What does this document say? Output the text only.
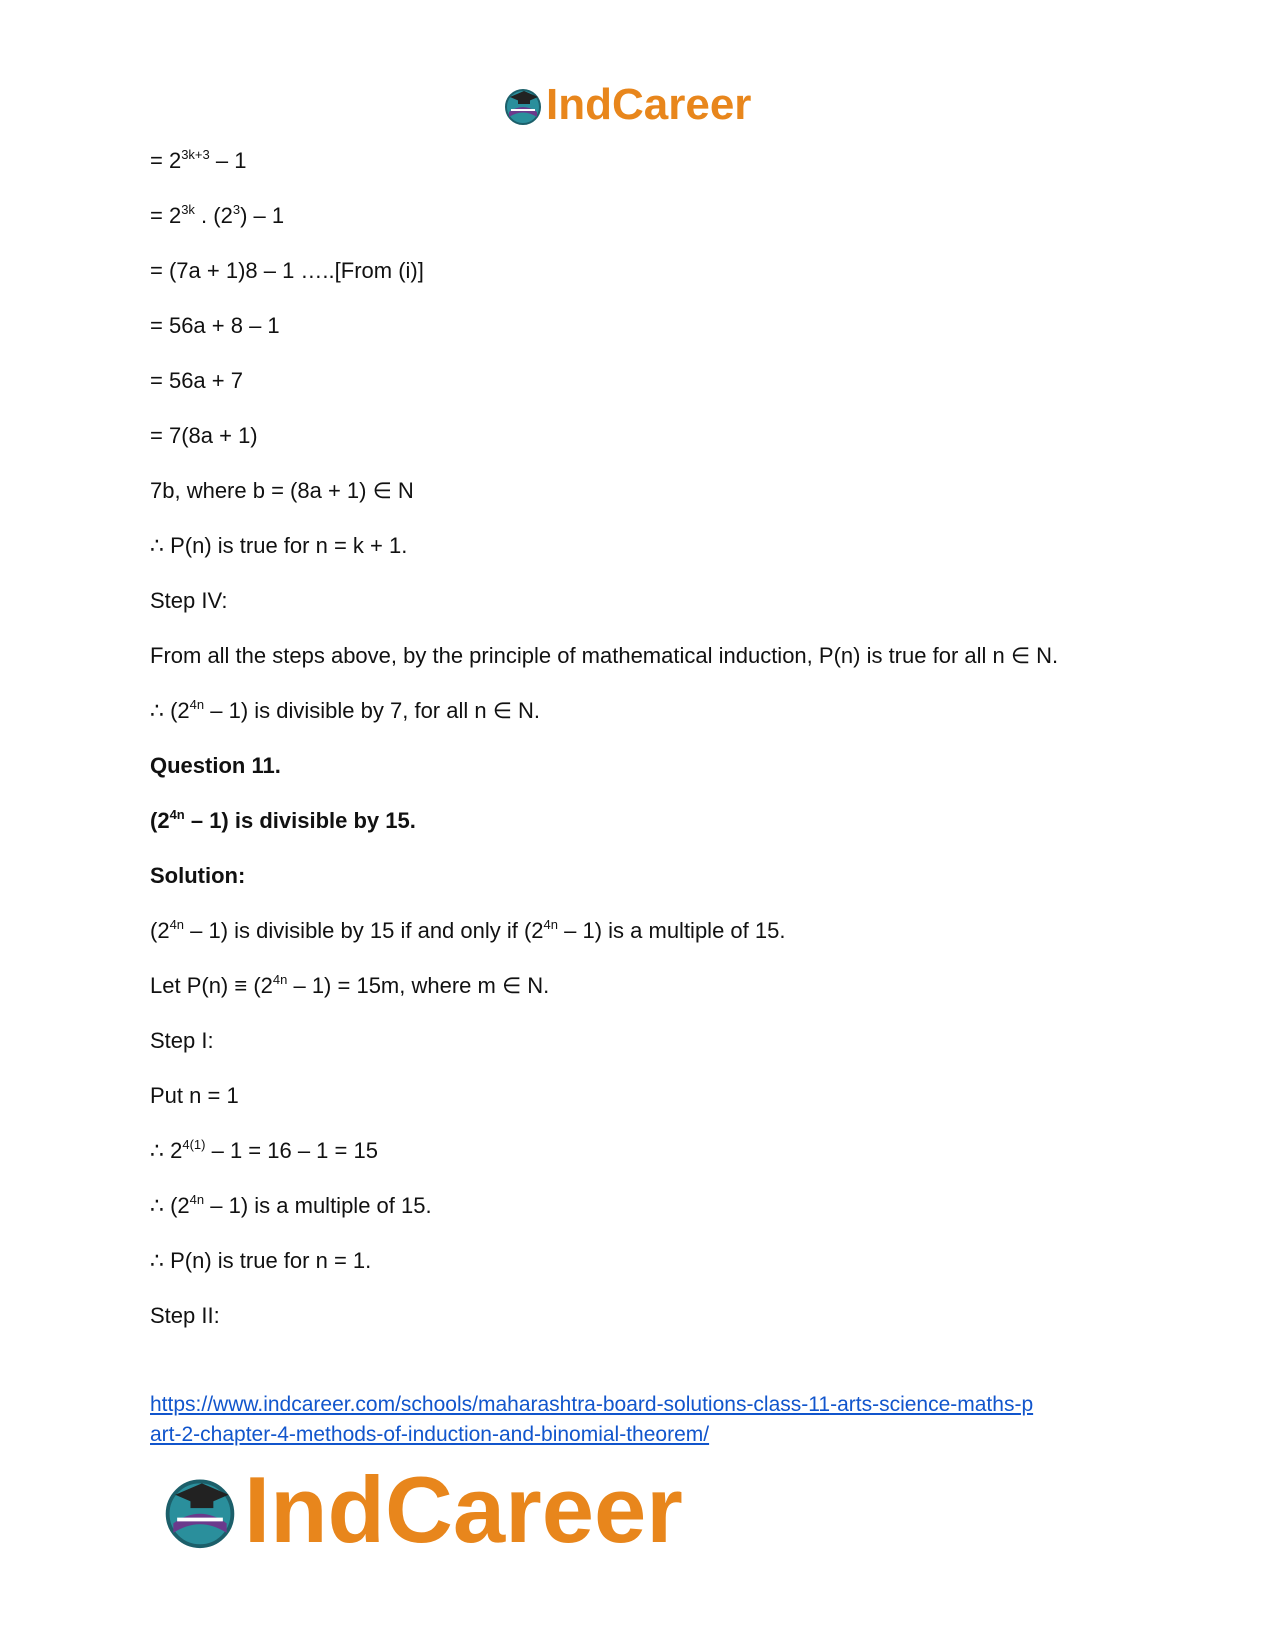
IndCareer
= $2^{3k+3} - 1$
= $2^{3k}$ . $(2^3) - 1$
= (7a + 1)8 – 1 …..[From (i)]
= 56a + 8 – 1
= 56a + 7
= 7(8a + 1)
7b, where b = (8a + 1) ∈ N
∴ P(n) is true for n = k + 1.
Step IV:
From all the steps above, by the principle of mathematical induction, P(n) is true for all n ∈ N.
∴ $(2^{4n} - 1)$ is divisible by 7, for all n ∈ N.
Question 11.
$(2^{4n} - 1)$ is divisible by 15.
Solution:
$(2^{4n} - 1)$ is divisible by 15 if and only if $(2^{4n} - 1)$ is a multiple of 15.
Let $P(n) \equiv (2^{4n} - 1) = 15m$, where m ∈ N.
Step I:
Put n = 1
∴ $2^{4(1)} - 1 = 16 - 1 = 15$
∴ $(2^{4n} - 1)$ is a multiple of 15.
∴ P(n) is true for n = 1.
Step II:
https://www.indcareer.com/schools/maharashtra-board-solutions-class-11-arts-science-maths-p
art-2-chapter-4-methods-of-induction-and-binomial-theorem/
IndCareer
